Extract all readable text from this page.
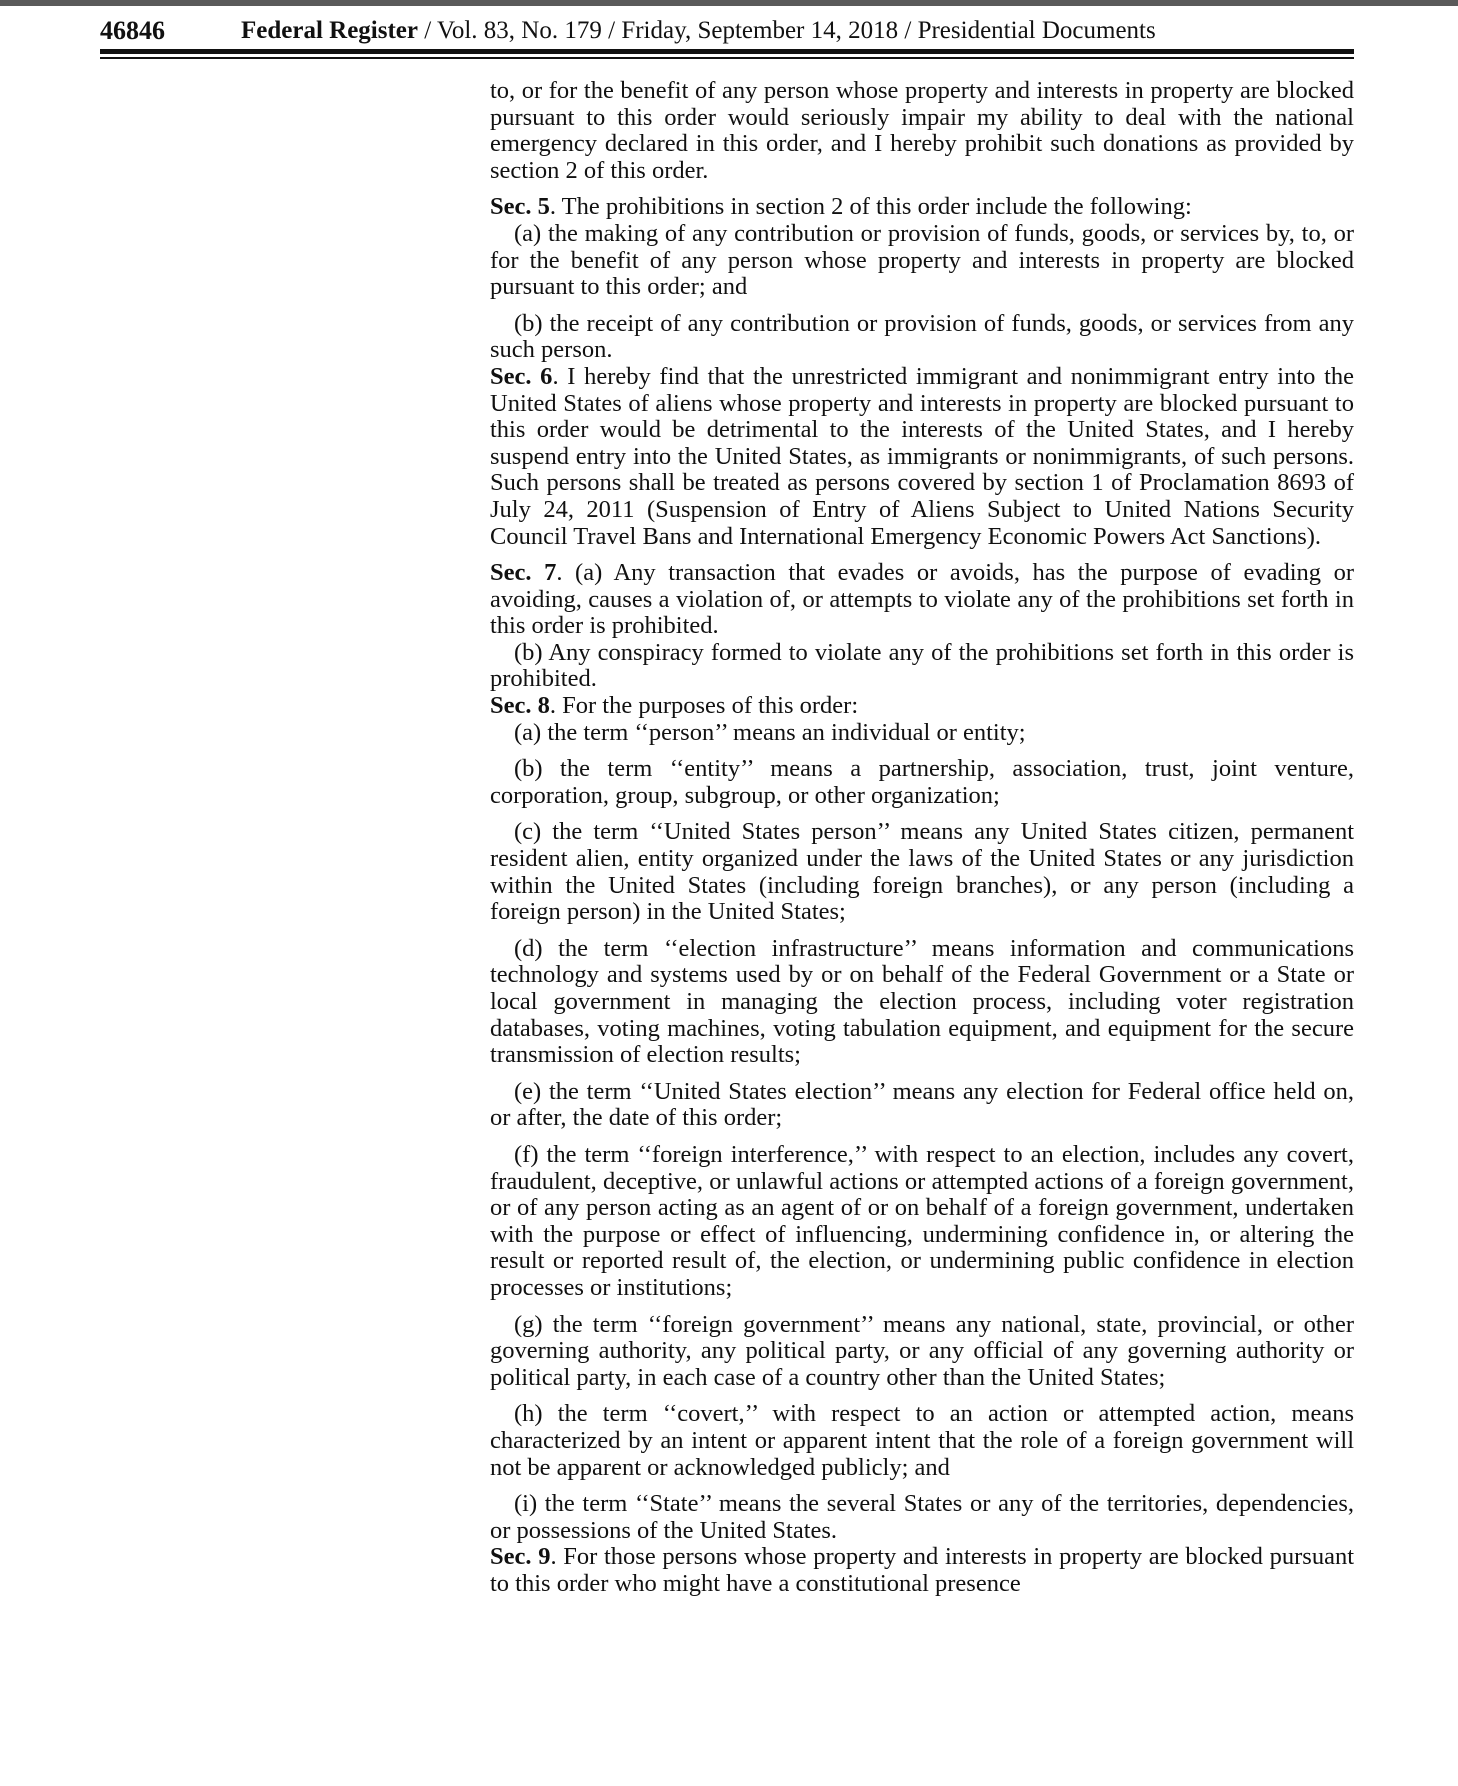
46846	Federal Register / Vol. 83, No. 179 / Friday, September 14, 2018 / Presidential Documents

to, or for the benefit of any person whose property and interests in property are blocked pursuant to this order would seriously impair my ability to deal with the national emergency declared in this order, and I hereby prohibit such donations as provided by section 2 of this order.

Sec. 5. The prohibitions in section 2 of this order include the following:

(a) the making of any contribution or provision of funds, goods, or services by, to, or for the benefit of any person whose property and interests in property are blocked pursuant to this order; and

(b) the receipt of any contribution or provision of funds, goods, or services from any such person.

Sec. 6. I hereby find that the unrestricted immigrant and nonimmigrant entry into the United States of aliens whose property and interests in property are blocked pursuant to this order would be detrimental to the interests of the United States, and I hereby suspend entry into the United States, as immigrants or nonimmigrants, of such persons. Such persons shall be treated as persons covered by section 1 of Proclamation 8693 of July 24, 2011 (Suspension of Entry of Aliens Subject to United Nations Security Council Travel Bans and International Emergency Economic Powers Act Sanctions).

Sec. 7. (a) Any transaction that evades or avoids, has the purpose of evading or avoiding, causes a violation of, or attempts to violate any of the prohibitions set forth in this order is prohibited.

(b) Any conspiracy formed to violate any of the prohibitions set forth in this order is prohibited.

Sec. 8. For the purposes of this order:

(a) the term ‘‘person’’ means an individual or entity;

(b) the term ‘‘entity’’ means a partnership, association, trust, joint venture, corporation, group, subgroup, or other organization;

(c) the term ‘‘United States person’’ means any United States citizen, permanent resident alien, entity organized under the laws of the United States or any jurisdiction within the United States (including foreign branches), or any person (including a foreign person) in the United States;

(d) the term ‘‘election infrastructure’’ means information and communications technology and systems used by or on behalf of the Federal Government or a State or local government in managing the election process, including voter registration databases, voting machines, voting tabulation equipment, and equipment for the secure transmission of election results;

(e) the term ‘‘United States election’’ means any election for Federal office held on, or after, the date of this order;

(f) the term ‘‘foreign interference,’’ with respect to an election, includes any covert, fraudulent, deceptive, or unlawful actions or attempted actions of a foreign government, or of any person acting as an agent of or on behalf of a foreign government, undertaken with the purpose or effect of influencing, undermining confidence in, or altering the result or reported result of, the election, or undermining public confidence in election processes or institutions;

(g) the term ‘‘foreign government’’ means any national, state, provincial, or other governing authority, any political party, or any official of any governing authority or political party, in each case of a country other than the United States;

(h) the term ‘‘covert,’’ with respect to an action or attempted action, means characterized by an intent or apparent intent that the role of a foreign government will not be apparent or acknowledged publicly; and

(i) the term ‘‘State’’ means the several States or any of the territories, dependencies, or possessions of the United States.

Sec. 9. For those persons whose property and interests in property are blocked pursuant to this order who might have a constitutional presence
